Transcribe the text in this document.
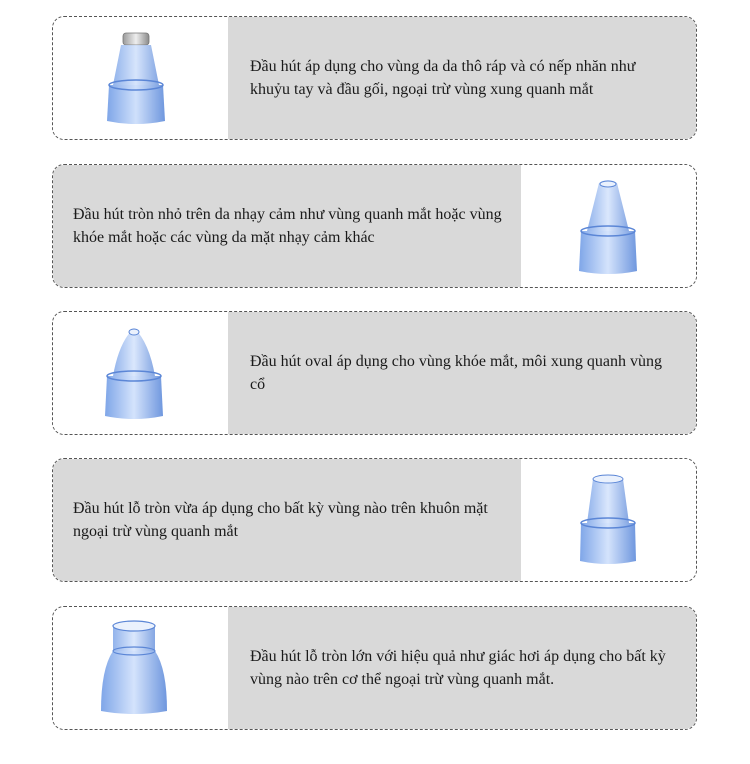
Đầu hút áp dụng cho vùng da da thô ráp và có nếp nhăn như khuỷu tay và đầu gối, ngoại trừ vùng xung quanh mắt

Đầu hút tròn nhỏ trên da nhạy cảm như vùng quanh mắt hoặc vùng khóe mắt hoặc các vùng da mặt nhạy cảm khác

Đầu hút oval áp dụng cho vùng khóe mắt, môi xung quanh vùng cổ

Đầu hút lỗ tròn vừa áp dụng cho bất kỳ vùng nào trên khuôn mặt ngoại trừ vùng quanh mắt

Đầu hút lỗ tròn lớn với hiệu quả như giác hơi áp dụng cho bất kỳ vùng nào trên cơ thể ngoại trừ vùng quanh mắt.
